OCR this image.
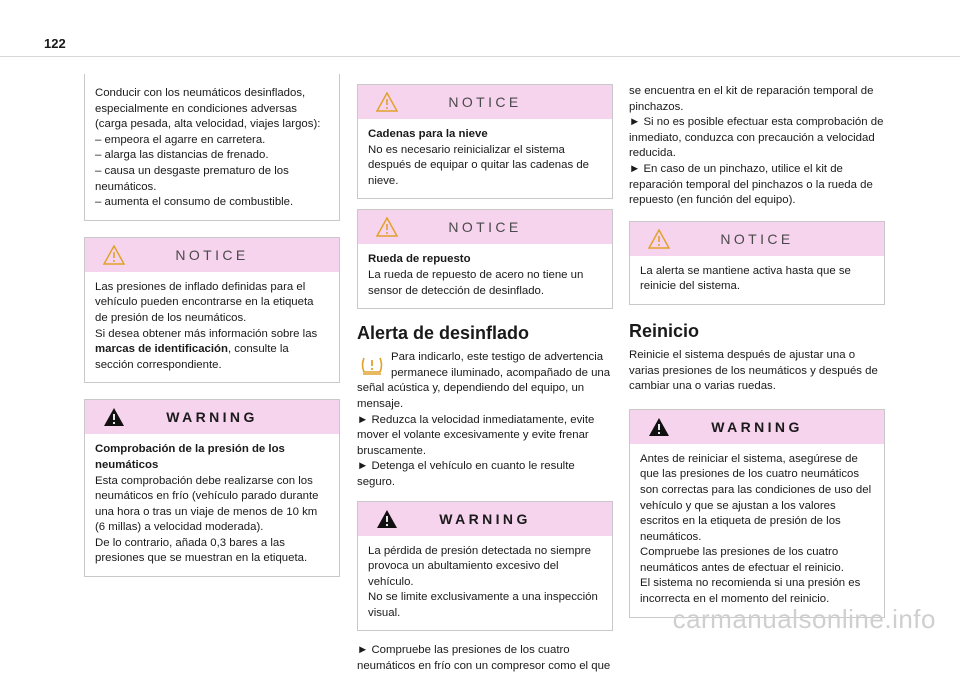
122

Conducir con los neumáticos desinflados, especialmente en condiciones adversas (carga pesada, alta velocidad, viajes largos):

– empeora el agarre en carretera.

– alarga las distancias de frenado.

– causa un desgaste prematuro de los neumáticos.

– aumenta el consumo de combustible.

NOTICE

Las presiones de inflado definidas para el vehículo pueden encontrarse en la etiqueta de presión de los neumáticos.

Si desea obtener más información sobre las marcas de identificación, consulte la sección correspondiente.

WARNING

Comprobación de la presión de los neumáticos

Esta comprobación debe realizarse con los neumáticos en frío (vehículo parado durante una hora o tras un viaje de menos de 10 km (6 millas) a velocidad moderada).

De lo contrario, añada 0,3 bares a las presiones que se muestran en la etiqueta.

NOTICE

Cadenas para la nieve

No es necesario reinicializar el sistema después de equipar o quitar las cadenas de nieve.

NOTICE

Rueda de repuesto

La rueda de repuesto de acero no tiene un sensor de detección de desinflado.

Alerta de desinflado

Para indicarlo, este testigo de advertencia permanece iluminado, acompañado de una señal acústica y, dependiendo del equipo, un mensaje.

► Reduzca la velocidad inmediatamente, evite mover el volante excesivamente y evite frenar bruscamente.

► Detenga el vehículo en cuanto le resulte seguro.

WARNING

La pérdida de presión detectada no siempre provoca un abultamiento excesivo del vehículo.

No se limite exclusivamente a una inspección visual.

► Compruebe las presiones de los cuatro neumáticos en frío con un compresor como el que

se encuentra en el kit de reparación temporal de pinchazos.

► Si no es posible efectuar esta comprobación de inmediato, conduzca con precaución a velocidad reducida.

► En caso de un pinchazo, utilice el kit de reparación temporal del pinchazos o la rueda de repuesto (en función del equipo).

NOTICE

La alerta se mantiene activa hasta que se reinicie del sistema.

Reinicio

Reinicie el sistema después de ajustar una o varias presiones de los neumáticos y después de cambiar una o varias ruedas.

WARNING

Antes de reiniciar el sistema, asegúrese de que las presiones de los cuatro neumáticos son correctas para las condiciones de uso del vehículo y que se ajustan a los valores escritos en la etiqueta de presión de los neumáticos.

Compruebe las presiones de los cuatro neumáticos antes de efectuar el reinicio.

El sistema no recomienda si una presión es incorrecta en el momento del reinicio.

carmanualsonline.info
